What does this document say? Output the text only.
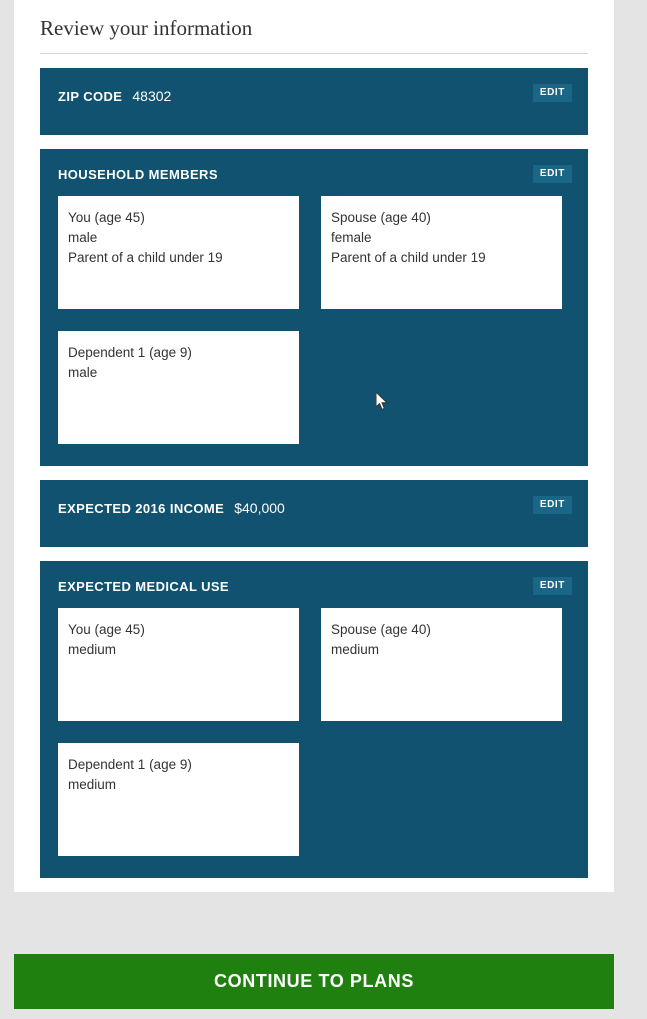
Review your information
ZIP CODE 48302	EDIT
HOUSEHOLD MEMBERS	EDIT
You (age 45)
male
Parent of a child under 19
Spouse (age 40)
female
Parent of a child under 19
Dependent 1 (age 9)
male
EXPECTED 2016 INCOME $40,000	EDIT
EXPECTED MEDICAL USE	EDIT
You (age 45)
medium
Spouse (age 40)
medium
Dependent 1 (age 9)
medium
CONTINUE TO PLANS
